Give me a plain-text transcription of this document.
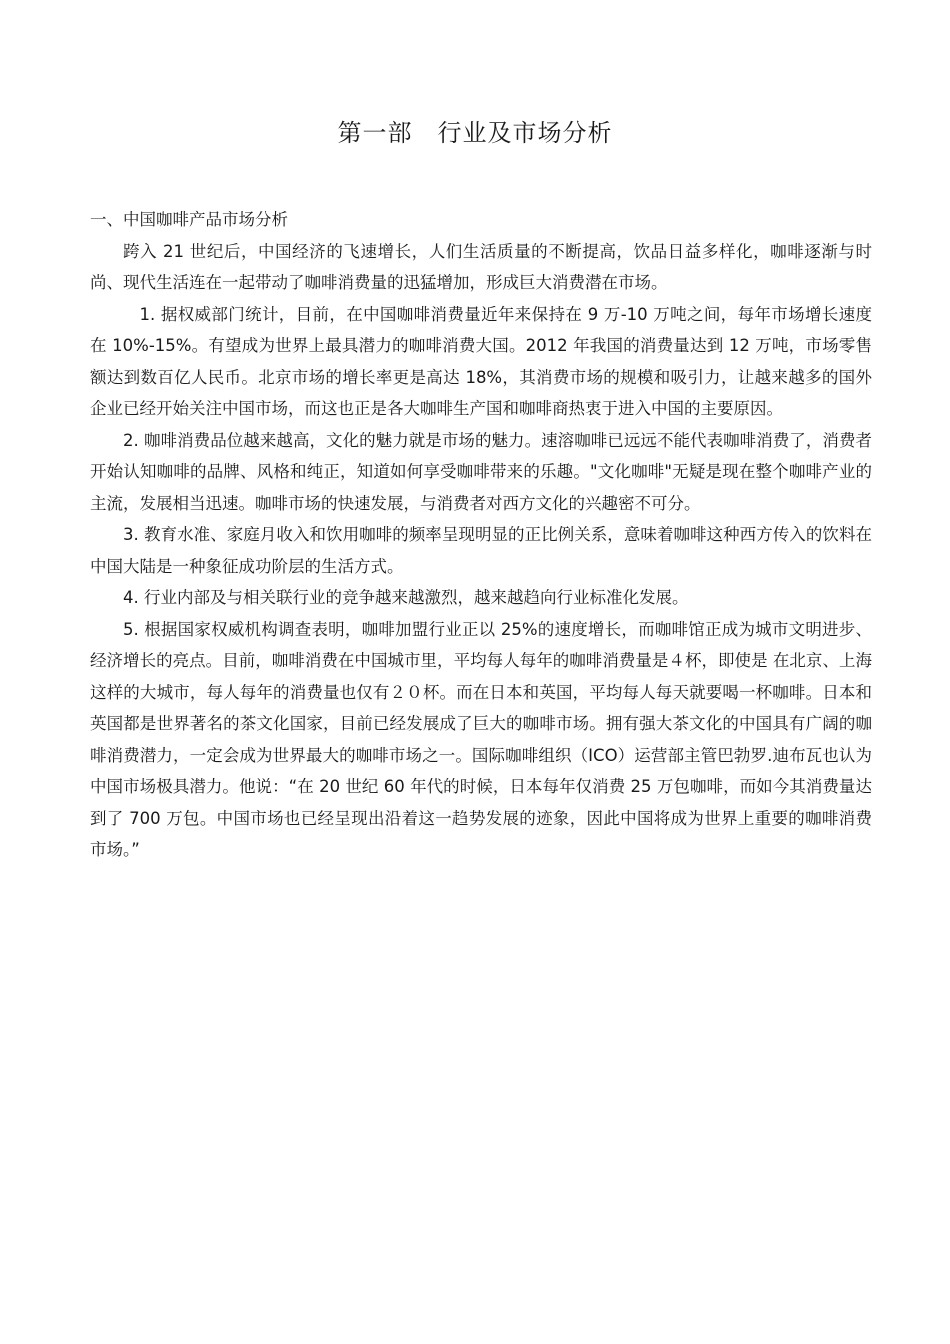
第一部　行业及市场分析

一、中国咖啡产品市场分析

跨入 21 世纪后，中国经济的飞速增长，人们生活质量的不断提高，饮品日益多样化，咖啡逐渐与时尚、现代生活连在一起带动了咖啡消费量的迅猛增加，形成巨大消费潜在市场。

1. 据权威部门统计，目前，在中国咖啡消费量近年来保持在 9 万-10 万吨之间，每年市场增长速度在 10%-15%。有望成为世界上最具潜力的咖啡消费大国。2012 年我国的消费量达到 12 万吨，市场零售额达到数百亿人民币。北京市场的增长率更是高达 18%，其消费市场的规模和吸引力，让越来越多的国外企业已经开始关注中国市场，而这也正是各大咖啡生产国和咖啡商热衷于进入中国的主要原因。

2. 咖啡消费品位越来越高，文化的魅力就是市场的魅力。速溶咖啡已远远不能代表咖啡消费了，消费者开始认知咖啡的品牌、风格和纯正，知道如何享受咖啡带来的乐趣。"文化咖啡"无疑是现在整个咖啡产业的主流，发展相当迅速。咖啡市场的快速发展，与消费者对西方文化的兴趣密不可分。

3. 教育水准、家庭月收入和饮用咖啡的频率呈现明显的正比例关系，意味着咖啡这种西方传入的饮料在中国大陆是一种象征成功阶层的生活方式。

4. 行业内部及与相关联行业的竞争越来越激烈，越来越趋向行业标准化发展。

5. 根据国家权威机构调查表明，咖啡加盟行业正以 25%的速度增长，而咖啡馆正成为城市文明进步、经济增长的亮点。目前，咖啡消费在中国城市里，平均每人每年的咖啡消费量是４杯，即使是 在北京、上海这样的大城市，每人每年的消费量也仅有２０杯。而在日本和英国，平均每人每天就要喝一杯咖啡。日本和英国都是世界著名的茶文化国家，目前已经发展成了巨大的咖啡市场。拥有强大茶文化的中国具有广阔的咖啡消费潜力，一定会成为世界最大的咖啡市场之一。国际咖啡组织（ICO）运营部主管巴勃罗.迪布瓦也认为中国市场极具潜力。他说：“在 20 世纪 60 年代的时候，日本每年仅消费 25 万包咖啡，而如今其消费量达到了 700 万包。中国市场也已经呈现出沿着这一趋势发展的迹象，因此中国将成为世界上重要的咖啡消费市场。”
